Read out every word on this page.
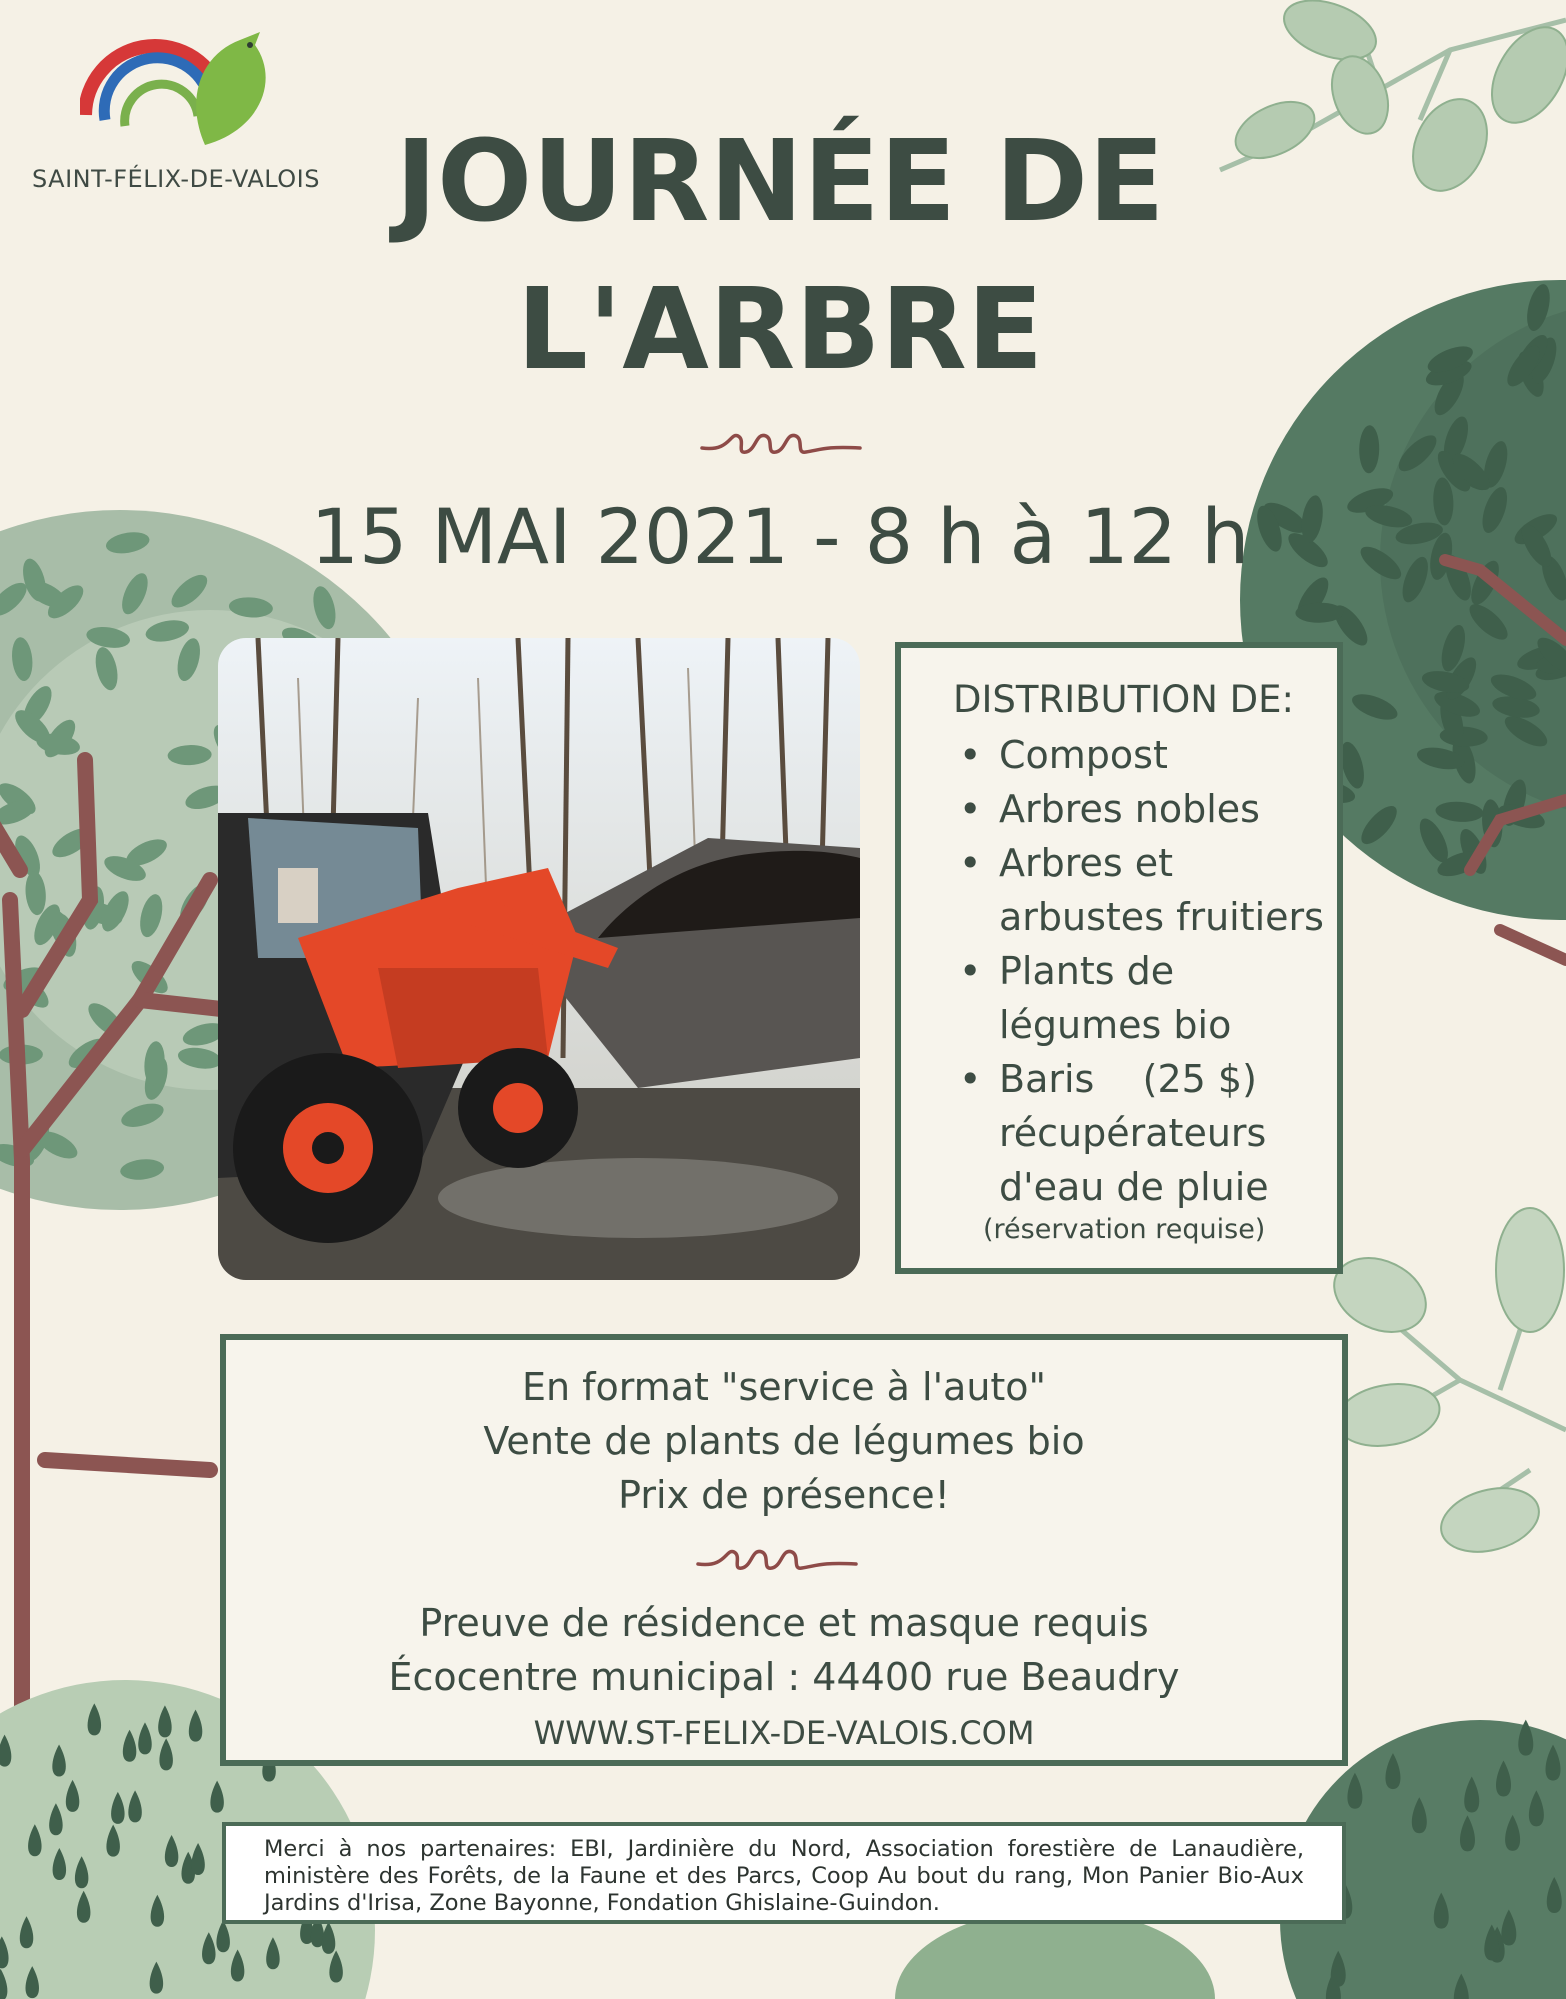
SAINT-FÉLIX-DE-VALOIS JOURNÉE DE
L'ARBRE
15 MAI 2021 - 8 h à 12 h
DISTRIBUTION DE:
• Compost
• Arbres nobles
• Arbres et
arbustes fruitiers
• Plants de
légumes bio
• Baris    (25 $)
récupérateurs
d'eau de pluie
(réservation requise)
En format "service à l'auto"
Vente de plants de légumes bio
Prix de présence!
Preuve de résidence et masque requis
Écocentre municipal : 44400 rue Beaudry
WWW.ST-FELIX-DE-VALOIS.COM
Merci à nos partenaires: EBI, Jardinière du Nord, Association forestière de Lanaudière, ministère des Forêts, de la Faune et des Parcs, Coop Au bout du rang, Mon Panier Bio-Aux Jardins d'Irisa, Zone Bayonne, Fondation Ghislaine-Guindon.
